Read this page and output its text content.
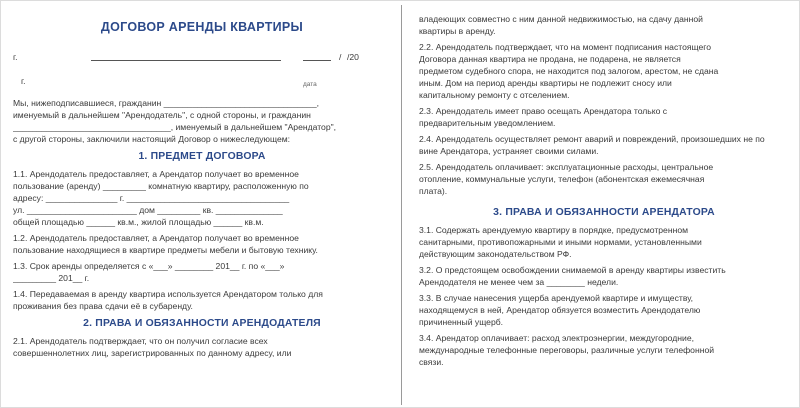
ДОГОВОР АРЕНДЫ КВАРТИРЫ
г.	/ /20
г.	дата

Мы, нижеподписавшиеся, гражданин ________________________________,
именуемый в дальнейшем "Арендодатель", с одной стороны, и гражданин
_________________________________, именуемый в дальнейшем "Арендатор",
с другой стороны, заключили настоящий Договор о нижеследующем:

1. ПРЕДМЕТ ДОГОВОРА

1.1. Арендодатель предоставляет, а Арендатор получает во временное
пользование (аренду) _________ комнатную квартиру, расположенную по
адресу: _______________ г. __________________________________
ул. _______________________ дом _________ кв. ______________
общей площадью ______ кв.м., жилой площадью ______ кв.м.

1.2. Арендодатель предоставляет, а Арендатор получает во временное
пользование находящиеся в квартире предметы мебели и бытовую технику.

1.3. Срок аренды определяется с «___» ________ 201__ г. по «___»
_________ 201__ г.

1.4. Передаваемая в аренду квартира используется Арендатором только для
проживания без права сдачи её в субаренду.

2. ПРАВА И ОБЯЗАННОСТИ АРЕНДОДАТЕЛЯ

2.1. Арендодатель подтверждает, что он получил согласие всех
совершеннолетних лиц, зарегистрированных по данному адресу, или

владеющих совместно с ним данной недвижимостью, на сдачу данной
квартиры в аренду.

2.2. Арендодатель подтверждает, что на момент подписания настоящего
Договора данная квартира не продана, не подарена, не является
предметом судебного спора, не находится под залогом, арестом, не сдана
иным. Дом на период аренды квартиры не подлежит сносу или
капитальному ремонту с отселением.

2.3. Арендодатель имеет право осещать Арендатора только с
предварительным уведомлением.

2.4. Арендодатель осуществляет ремонт аварий и повреждений, произошедших не по
вине Арендатора, устраняет своими силами.

2.5. Арендодатель оплачивает: эксплуатационные расходы, центральное
отопление, коммунальные услуги, телефон (абонентская ежемесячная
плата).

3. ПРАВА И ОБЯЗАННОСТИ АРЕНДАТОРА

3.1. Содержать арендуемую квартиру в порядке, предусмотренном
санитарными, противопожарными и иными нормами, установленными
действующим законодательством РФ.

3.2. О предстоящем освобождении снимаемой в аренду квартиры известить
Арендодателя не менее чем за ________ недели.

3.3. В случае нанесения ущерба арендуемой квартире и имуществу,
находящемуся в ней, Арендатор обязуется возместить Арендодателю
причиненный ущерб.

3.4. Арендатор оплачивает: расход электроэнергии, междугородние,
международные телефонные переговоры, различные услуги телефонной
связи.
